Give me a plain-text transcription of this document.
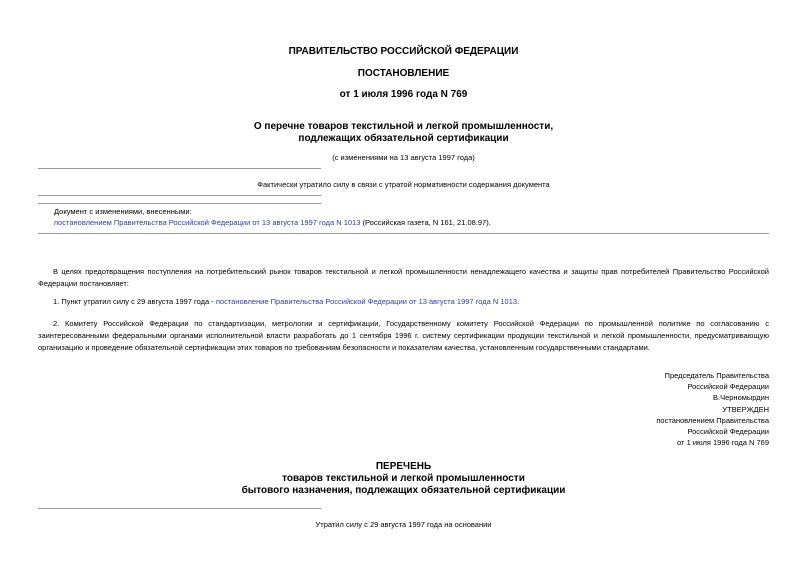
ПРАВИТЕЛЬСТВО РОССИЙСКОЙ ФЕДЕРАЦИИ
ПОСТАНОВЛЕНИЕ
от 1 июля 1996 года N 769
О перечне товаров текстильной и легкой промышленности,
подлежащих обязательной сертификации
(с изменениями на 13 августа 1997 года)
Фактически утратило силу в связи с утратой нормативности содержания документа
Документ с изменениями, внесенными:
постановлением Правительства Российской Федерации от 13 августа 1997 года N 1013 (Российская газета, N 161, 21.08.97).
В целях предотвращения поступления на потребительский рынок товаров текстильной и легкой промышленности ненадлежащего качества и защиты прав потребителей Правительство Российской Федерации постановляет:
1. Пункт утратил силу с 29 августа 1997 года - постановление Правительства Российской Федерации от 13 августа 1997 года N 1013.
2. Комитету Российской Федерации по стандартизации, метрологии и сертификации, Государственному комитету Российской Федерации по промышленной политике по согласованию с заинтересованными федеральными органами исполнительной власти разработать до 1 сентября 1996 г. систему сертификации продукции текстильной и легкой промышленности, предусматривающую организацию и проведение обязательной сертификации этих товаров по требованиям безопасности и показателям качества, установленным государственными стандартами.
Председатель Правительства
Российской Федерации
В.Черномырдин
УТВЕРЖДЕН
постановлением Правительства
Российской Федерации
от 1 июля 1996 года N 769
ПЕРЕЧЕНЬ
товаров текстильной и легкой промышленности
бытового назначения, подлежащих обязательной сертификации
Утратил силу с 29 августа 1997 года на основании
